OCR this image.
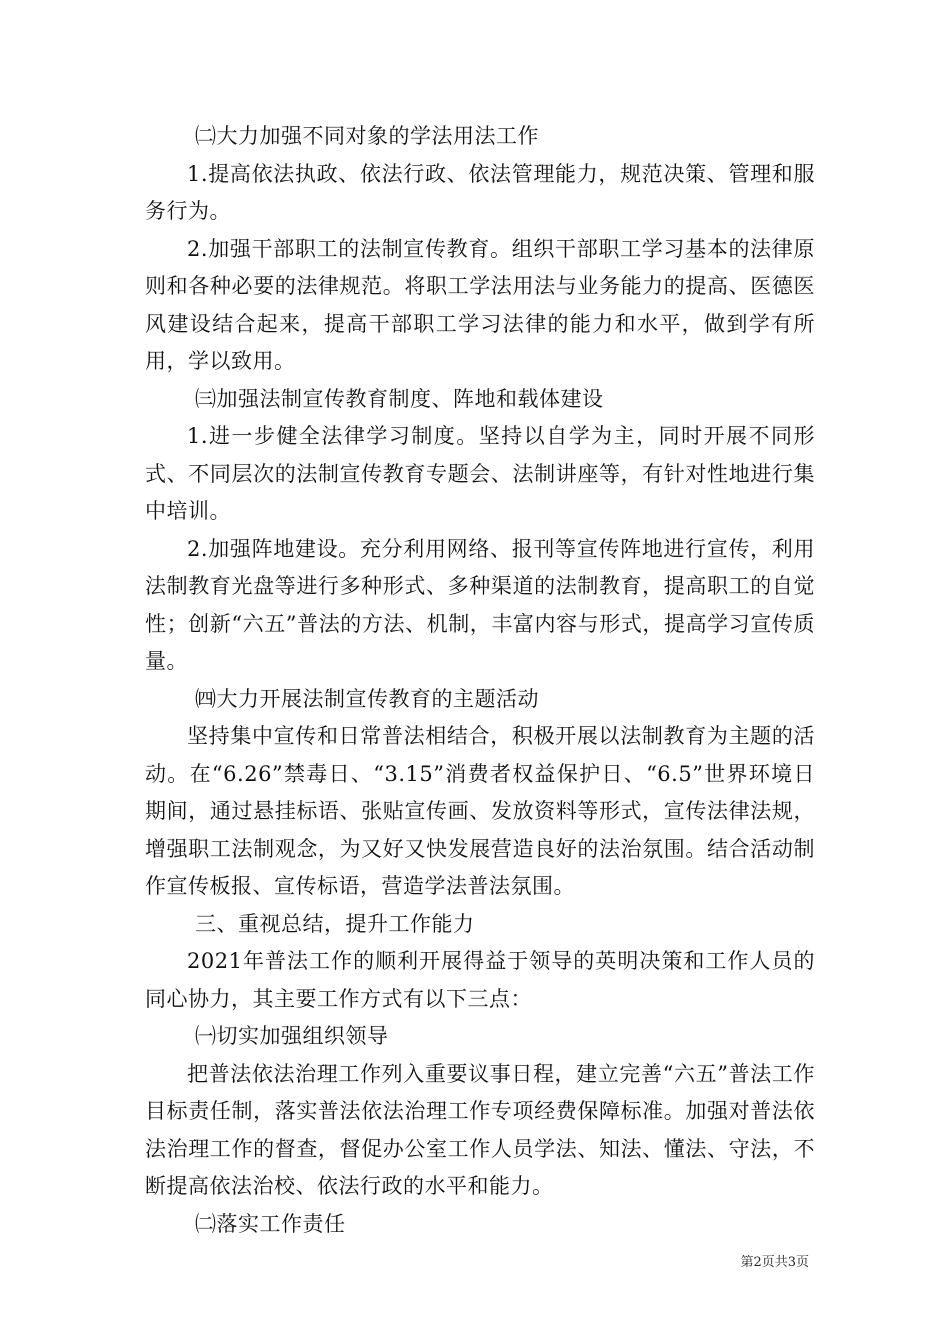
㈡大力加强不同对象的学法用法工作

1.提高依法执政、依法行政、依法管理能力，规范决策、管理和服务行为。

2.加强干部职工的法制宣传教育。组织干部职工学习基本的法律原则和各种必要的法律规范。将职工学法用法与业务能力的提高、医德医风建设结合起来，提高干部职工学习法律的能力和水平，做到学有所用，学以致用。

㈢加强法制宣传教育制度、阵地和载体建设

1.进一步健全法律学习制度。坚持以自学为主，同时开展不同形式、不同层次的法制宣传教育专题会、法制讲座等，有针对性地进行集中培训。

2.加强阵地建设。充分利用网络、报刊等宣传阵地进行宣传，利用法制教育光盘等进行多种形式、多种渠道的法制教育，提高职工的自觉性；创新“六五”普法的方法、机制，丰富内容与形式，提高学习宣传质量。

㈣大力开展法制宣传教育的主题活动

坚持集中宣传和日常普法相结合，积极开展以法制教育为主题的活动。在“6.26”禁毒日、“3.15”消费者权益保护日、“6.5”世界环境日期间，通过悬挂标语、张贴宣传画、发放资料等形式，宣传法律法规，增强职工法制观念，为又好又快发展营造良好的法治氛围。结合活动制作宣传板报、宣传标语，营造学法普法氛围。

三、重视总结，提升工作能力

2021年普法工作的顺利开展得益于领导的英明决策和工作人员的同心协力，其主要工作方式有以下三点：

㈠切实加强组织领导

把普法依法治理工作列入重要议事日程，建立完善“六五”普法工作目标责任制，落实普法依法治理工作专项经费保障标准。加强对普法依法治理工作的督查，督促办公室工作人员学法、知法、懂法、守法，不断提高依法治校、依法行政的水平和能力。

㈡落实工作责任

第2页共3页
